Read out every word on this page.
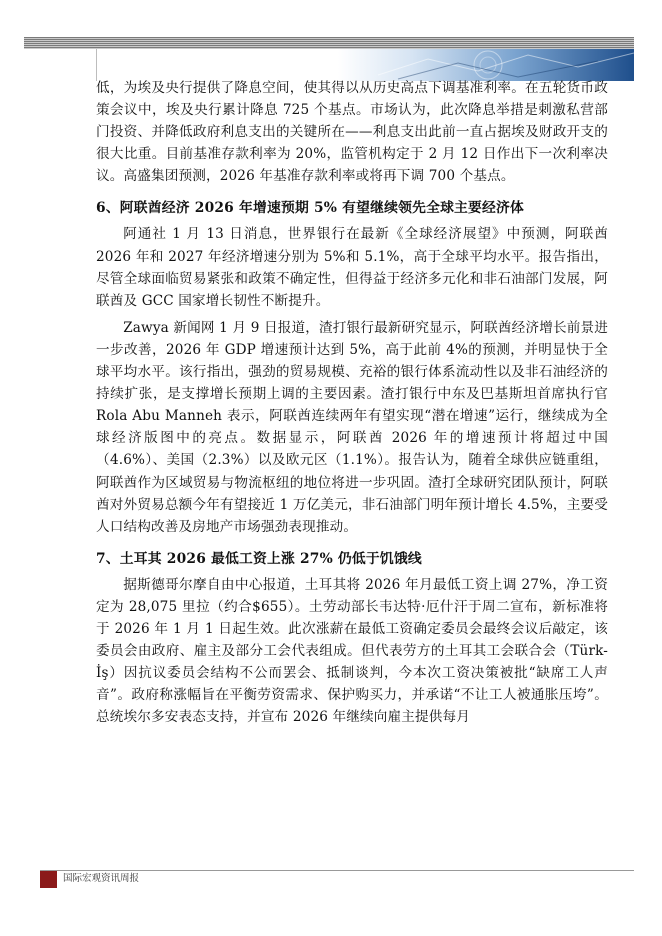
低，为埃及央行提供了降息空间，使其得以从历史高点下调基准利率。在五轮货币政策会议中，埃及央行累计降息 725 个基点。市场认为，此次降息举措是刺激私营部门投资、并降低政府利息支出的关键所在——利息支出此前一直占据埃及财政开支的很大比重。目前基准存款利率为 20%，监管机构定于 2 月 12 日作出下一次利率决议。高盛集团预测，2026 年基准存款利率或将再下调 700 个基点。

6、阿联酋经济 2026 年增速预期 5% 有望继续领先全球主要经济体

阿通社 1 月 13 日消息，世界银行在最新《全球经济展望》中预测，阿联酋 2026 年和 2027 年经济增速分别为 5%和 5.1%，高于全球平均水平。报告指出，尽管全球面临贸易紧张和政策不确定性，但得益于经济多元化和非石油部门发展，阿联酋及 GCC 国家增长韧性不断提升。

Zawya 新闻网 1 月 9 日报道，渣打银行最新研究显示，阿联酋经济增长前景进一步改善，2026 年 GDP 增速预计达到 5%，高于此前 4%的预测，并明显快于全球平均水平。该行指出，强劲的贸易规模、充裕的银行体系流动性以及非石油经济的持续扩张，是支撑增长预期上调的主要因素。渣打银行中东及巴基斯坦首席执行官 Rola Abu Manneh 表示，阿联酋连续两年有望实现“潜在增速”运行，继续成为全球经济版图中的亮点。数据显示，阿联酋 2026 年的增速预计将超过中国（4.6%）、美国（2.3%）以及欧元区（1.1%）。报告认为，随着全球供应链重组，阿联酋作为区域贸易与物流枢纽的地位将进一步巩固。渣打全球研究团队预计，阿联酋对外贸易总额今年有望接近 1 万亿美元，非石油部门明年预计增长 4.5%，主要受人口结构改善及房地产市场强劲表现推动。

7、土耳其 2026 最低工资上涨 27% 仍低于饥饿线

据斯德哥尔摩自由中心报道，土耳其将 2026 年月最低工资上调 27%，净工资定为 28,075 里拉（约合$655）。土劳动部长韦达特·厄什汗于周二宣布，新标准将于 2026 年 1 月 1 日起生效。此次涨薪在最低工资确定委员会最终会议后敲定，该委员会由政府、雇主及部分工会代表组成。但代表劳方的土耳其工会联合会（Türk-İş）因抗议委员会结构不公而罢会、抵制谈判，今本次工资决策被批“缺席工人声音”。政府称涨幅旨在平衡劳资需求、保护购买力，并承诺“不让工人被通胀压垮”。总统埃尔多安表态支持，并宣布 2026 年继续向雇主提供每月

国际宏观资讯周报
